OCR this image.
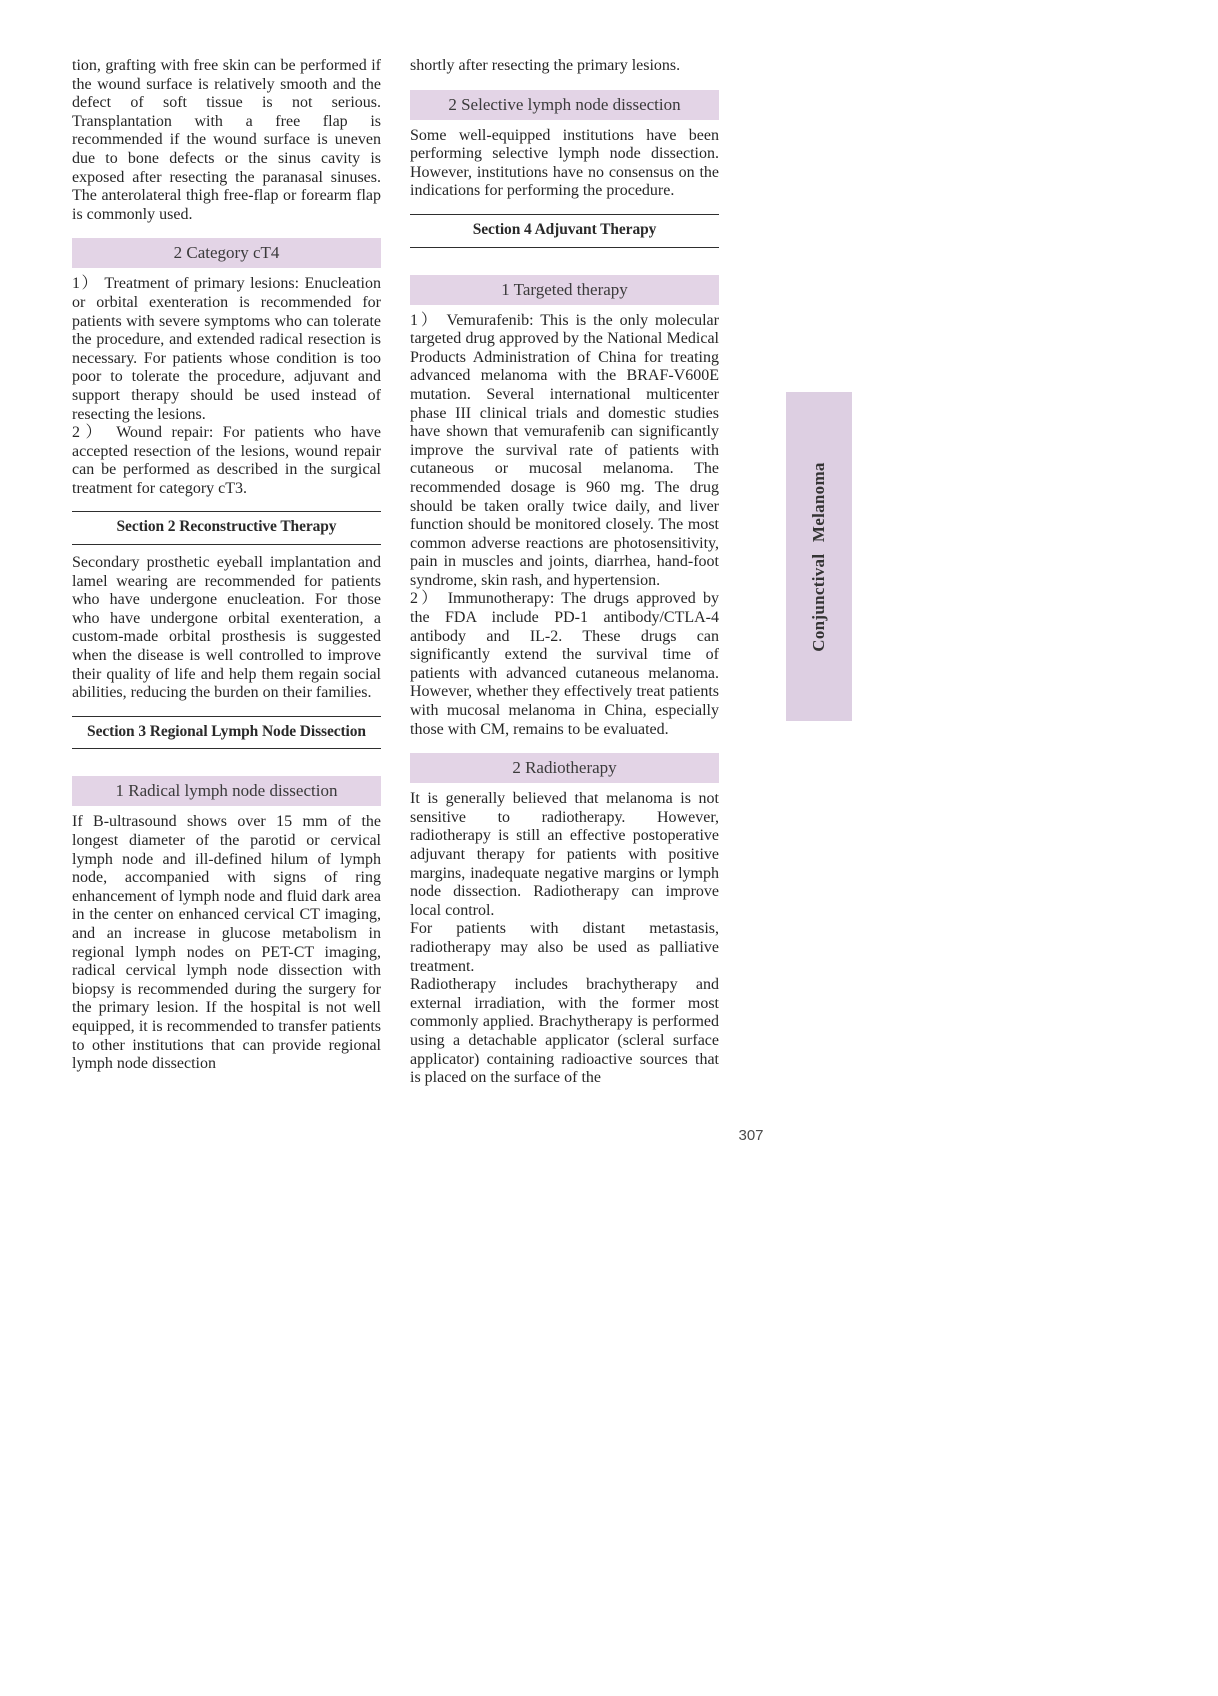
tion, grafting with free skin can be performed if the wound surface is relatively smooth and the defect of soft tissue is not serious. Transplantation with a free flap is recommended if the wound surface is uneven due to bone defects or the sinus cavity is exposed after resecting the paranasal sinuses. The anterolateral thigh free-flap or forearm flap is commonly used.

2 Category cT4

1） Treatment of primary lesions: Enucleation or orbital exenteration is recommended for patients with severe symptoms who can tolerate the procedure, and extended radical resection is necessary. For patients whose condition is too poor to tolerate the procedure, adjuvant and support therapy should be used instead of resecting the lesions.

2） Wound repair: For patients who have accepted resection of the lesions, wound repair can be performed as described in the surgical treatment for category cT3.

Section 2 Reconstructive Therapy

Secondary prosthetic eyeball implantation and lamel wearing are recommended for patients who have undergone enucleation. For those who have undergone orbital exenteration, a custom-made orbital prosthesis is suggested when the disease is well controlled to improve their quality of life and help them regain social abilities, reducing the burden on their families.

Section 3 Regional Lymph Node Dissection
1 Radical lymph node dissection

If B-ultrasound shows over 15 mm of the longest diameter of the parotid or cervical lymph node and ill-defined hilum of lymph node, accompanied with signs of ring enhancement of lymph node and fluid dark area in the center on enhanced cervical CT imaging, and an increase in glucose metabolism in regional lymph nodes on PET-CT imaging, radical cervical lymph node dissection with biopsy is recommended during the surgery for the primary lesion. If the hospital is not well equipped, it is recommended to transfer patients to other institutions that can provide regional lymph node dissection

shortly after resecting the primary lesions.

2 Selective lymph node dissection

Some well-equipped institutions have been performing selective lymph node dissection. However, institutions have no consensus on the indications for performing the procedure.

Section 4 Adjuvant Therapy
1 Targeted therapy

1） Vemurafenib: This is the only molecular targeted drug approved by the National Medical Products Administration of China for treating advanced melanoma with the BRAF-V600E mutation. Several international multicenter phase III clinical trials and domestic studies have shown that vemurafenib can significantly improve the survival rate of patients with cutaneous or mucosal melanoma. The recommended dosage is 960 mg. The drug should be taken orally twice daily, and liver function should be monitored closely. The most common adverse reactions are photosensitivity, pain in muscles and joints, diarrhea, hand-foot syndrome, skin rash, and hypertension.

2） Immunotherapy: The drugs approved by the FDA include PD-1 antibody/CTLA-4 antibody and IL-2. These drugs can significantly extend the survival time of patients with advanced cutaneous melanoma. However, whether they effectively treat patients with mucosal melanoma in China, especially those with CM, remains to be evaluated.

2 Radiotherapy

It is generally believed that melanoma is not sensitive to radiotherapy. However, radiotherapy is still an effective postoperative adjuvant therapy for patients with positive margins, inadequate negative margins or lymph node dissection. Radiotherapy can improve local control.

For patients with distant metastasis, radiotherapy may also be used as palliative treatment.

Radiotherapy includes brachytherapy and external irradiation, with the former most commonly applied. Brachytherapy is performed using a detachable applicator (scleral surface applicator) containing radioactive sources that is placed on the surface of the

Conjunctival Melanoma
307
